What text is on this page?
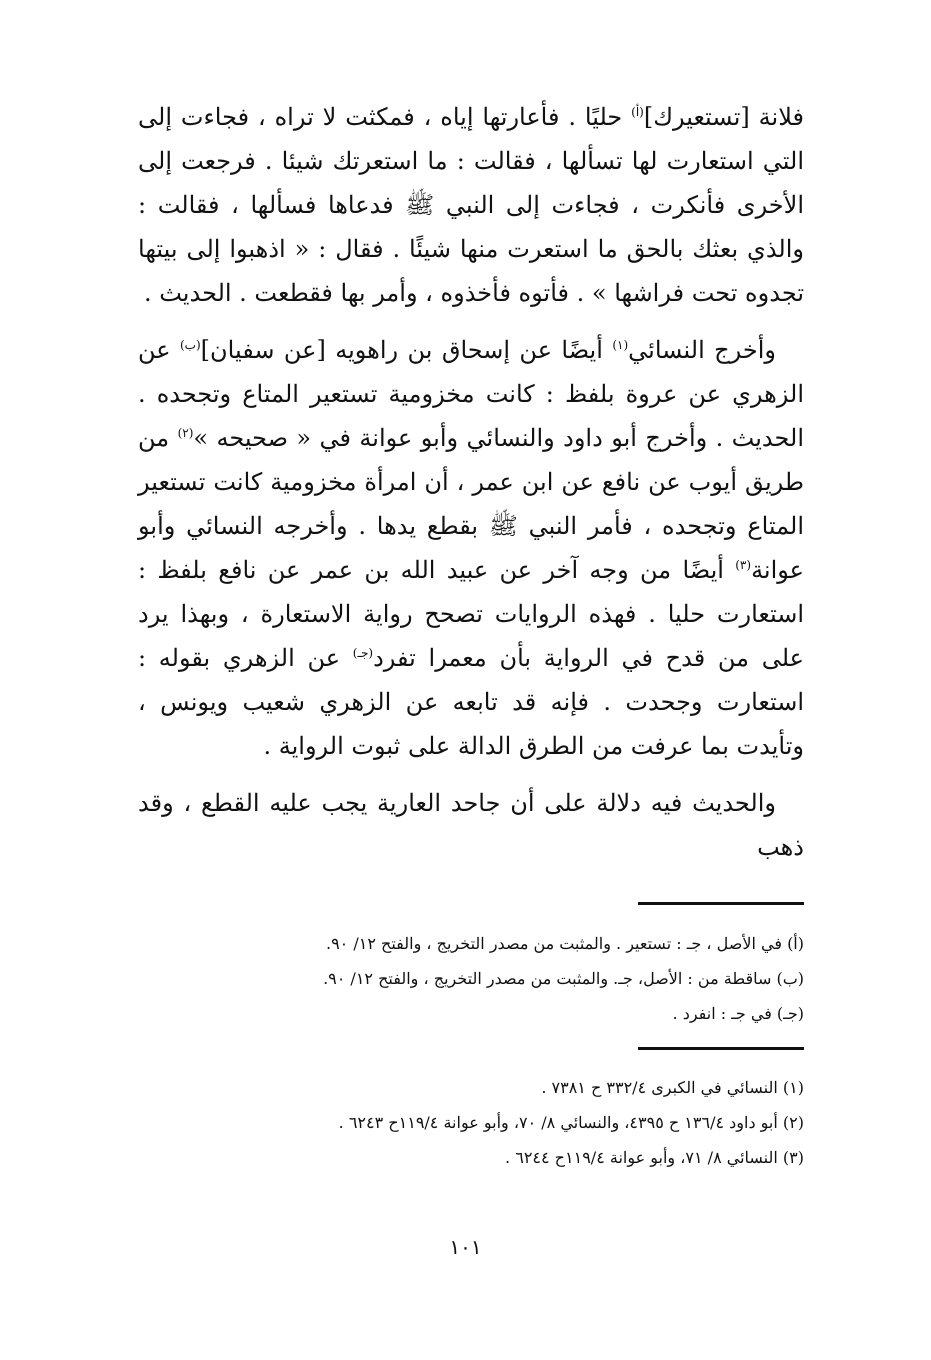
فلانة [تستعيرك]$^{(أ)}$ حليًا . فأعارتها إياه ، فمكثت لا تراه ، فجاءت إلى التي استعارت لها تسألها ، فقالت : ما استعرتك شيئا . فرجعت إلى الأخرى فأنكرت ، فجاءت إلى النبي ﷺ فدعاها فسألها ، فقالت : والذي بعثك بالحق ما استعرت منها شيئًا . فقال : « اذهبوا إلى بيتها تجدوه تحت فراشها » . فأتوه فأخذوه ، وأمر بها فقطعت . الحديث .

وأخرج النسائي$^{(١)}$ أيضًا عن إسحاق بن راهويه [عن سفيان]$^{(ب)}$ عن الزهري عن عروة بلفظ : كانت مخزومية تستعير المتاع وتجحده . الحديث . وأخرج أبو داود والنسائي وأبو عوانة في « صحيحه »$^{(٢)}$ من طريق أيوب عن نافع عن ابن عمر ، أن امرأة مخزومية كانت تستعير المتاع وتجحده ، فأمر النبي ﷺ بقطع يدها . وأخرجه النسائي وأبو عوانة$^{(٣)}$ أيضًا من وجه آخر عن عبيد الله بن عمر عن نافع بلفظ : استعارت حليا . فهذه الروايات تصحح رواية الاستعارة ، وبهذا يرد على من قدح في الرواية بأن معمرا تفرد$^{(جـ)}$ عن الزهري بقوله : استعارت وجحدت . فإنه قد تابعه عن الزهري شعيب ويونس ، وتأيدت بما عرفت من الطرق الدالة على ثبوت الرواية .

والحديث فيه دلالة على أن جاحد العارية يجب عليه القطع ، وقد ذهب

(أ) في الأصل ، جـ : تستعير . والمثبت من مصدر التخريج ، والفتح ١٢/ ٩٠.

(ب) ساقطة من : الأصل، جـ. والمثبت من مصدر التخريج ، والفتح ١٢/ ٩٠.

(جـ) في جـ : انفرد .

(١) النسائي في الكبرى ٣٣٢/٤ ح ٧٣٨١ .

(٢) أبو داود ١٣٦/٤ ح ٤٣٩٥، والنسائي ٨/ ٧٠، وأبو عوانة ١١٩/٤ح ٦٢٤٣ .

(٣) النسائي ٨/ ٧١، وأبو عوانة ١١٩/٤ح ٦٢٤٤ .

١٠١
